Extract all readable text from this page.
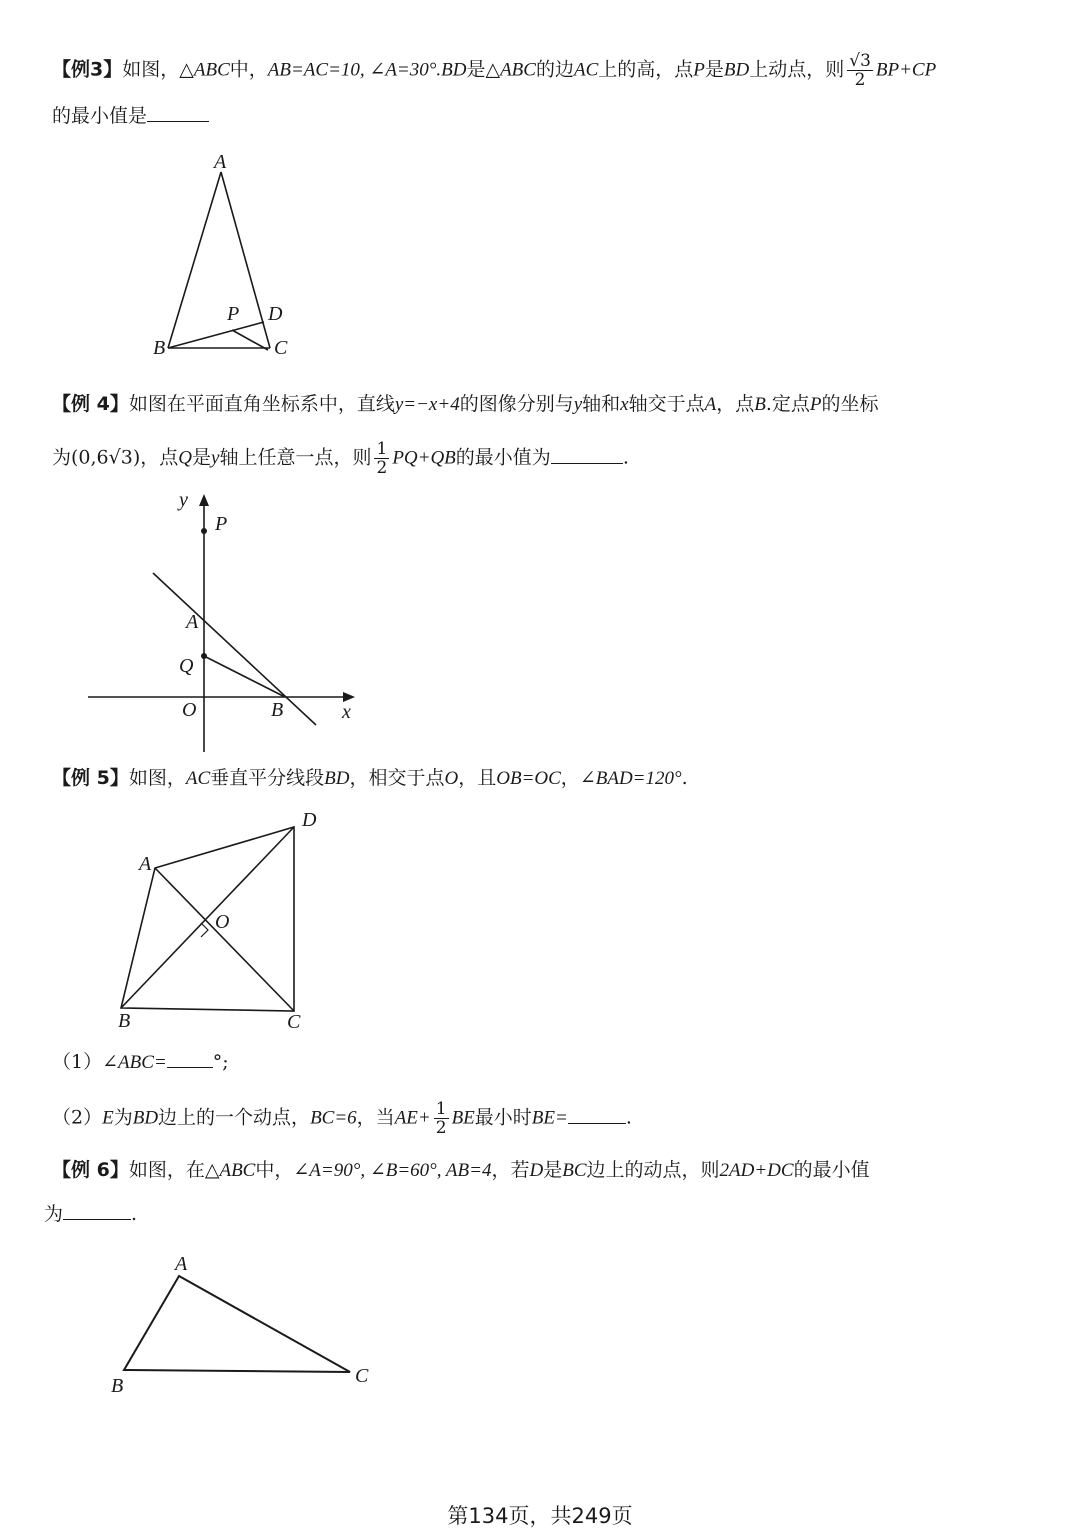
【例3】如图，△ABC中，AB=AC=10, ∠A=30°.BD是△ABC的边AC上的高，点P是BD上动点，则 $\frac{√3}{2} BP+CP$
的最小值是
A
B	C
D
P
【例 4】如图在平面直角坐标系中，直线y=−x+4的图像分别与y轴和x轴交于点A，点B.定点P的坐标
为(0,6√3)，点Q是y轴上任意一点，则 $\frac{1}{2} PQ+QB$的最小值为	.
y
P
A
Q
O	B	x
【例 5】如图，AC垂直平分线段BD，相交于点O，且OB=OC，∠BAD=120°.
A
D
O
B	C
（1）∠ABC= °;
（2）E为BD边上的一个动点，BC=6，当$AE+ \frac{1}{2}$ BE最小时BE=	.
【例 6】如图，在△ABC中，∠A=90°, ∠B=60°, AB=4，若D是BC边上的动点，则2AD+DC的最小值
为	.
A
B	C
第134页，共249页
